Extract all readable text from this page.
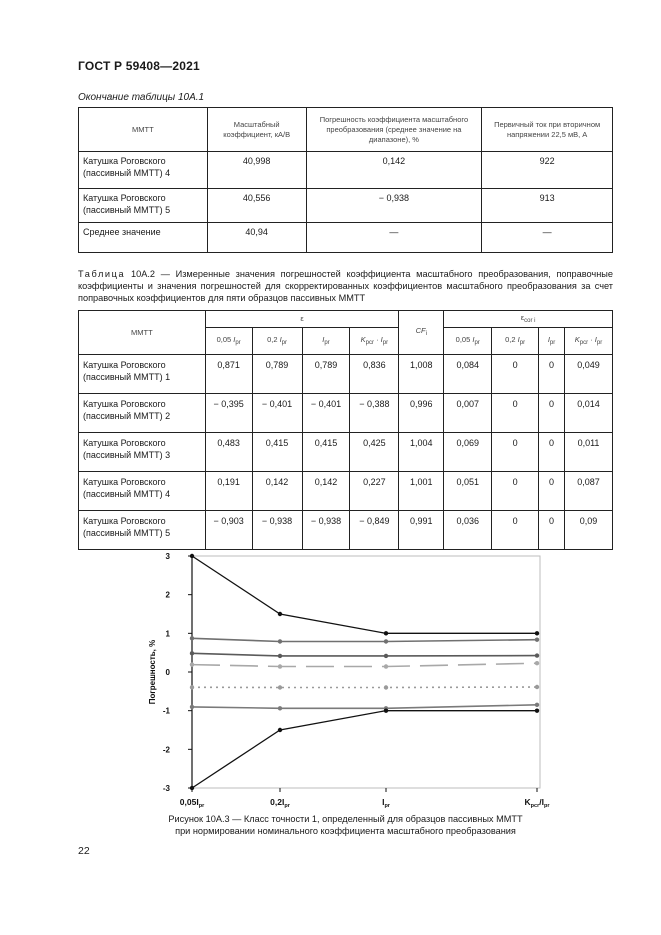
ГОСТ Р 59408—2021
Окончание таблицы 10А.1
ММТТ	Масштабный коэффициент, кА/В	Погрешность коэффициента масштабного преобразования (среднее значение на диапазоне), %	Первичный ток при вторичном напряжении 22,5 мВ, А
Катушка Роговского (пассивный ММТТ) 4	40,998	0,142	922
Катушка Роговского (пассивный ММТТ) 5	40,556	− 0,938	913
Среднее значение	40,94	—	—
Таблица 10А.2 — Измеренные значения погрешностей коэффициента масштабного преобразования, поправочные коэффициенты и значения погрешностей для скорректированных коэффициентов масштабного преобразования за счет поправочных коэффициентов для пяти образцов пассивных ММТТ
ММТТ	ε				$CF_i$	$\varepsilon_{cor i}$
	0,05 $I_{pr}$	0,2 $I_{pr}$	$I_{pr}$	$K_{pcr} \cdot I_{pr}$		0,05 $I_{pr}$	0,2 $I_{pr}$	$I_{pr}$	$K_{pcr} \cdot I_{pr}$
Катушка Роговского (пассивный ММТТ) 1	0,871	0,789	0,789	0,836	1,008	0,084	0	0	0,049
Катушка Роговского (пассивный ММТТ) 2	− 0,395	− 0,401	− 0,401	− 0,388	0,996	0,007	0	0	0,014
Катушка Роговского (пассивный ММТТ) 3	0,483	0,415	0,415	0,425	1,004	0,069	0	0	0,011
Катушка Роговского (пассивный ММТТ) 4	0,191	0,142	0,142	0,227	1,001	0,051	0	0	0,087
Катушка Роговского (пассивный ММТТ) 5	− 0,903	− 0,938	− 0,938	− 0,849	0,991	0,036	0	0	0,09
3
2
1
0
-1
-2
-3
$0,05I_{pr}$	$0,2I_{pr}$	$I_{pr}$	$K_{pcr}/I_{pr}$
Погрешность, %
Рисунок 10А.3 — Класс точности 1, определенный для образцов пассивных ММТТ
при нормировании номинального коэффициента масштабного преобразования
22
